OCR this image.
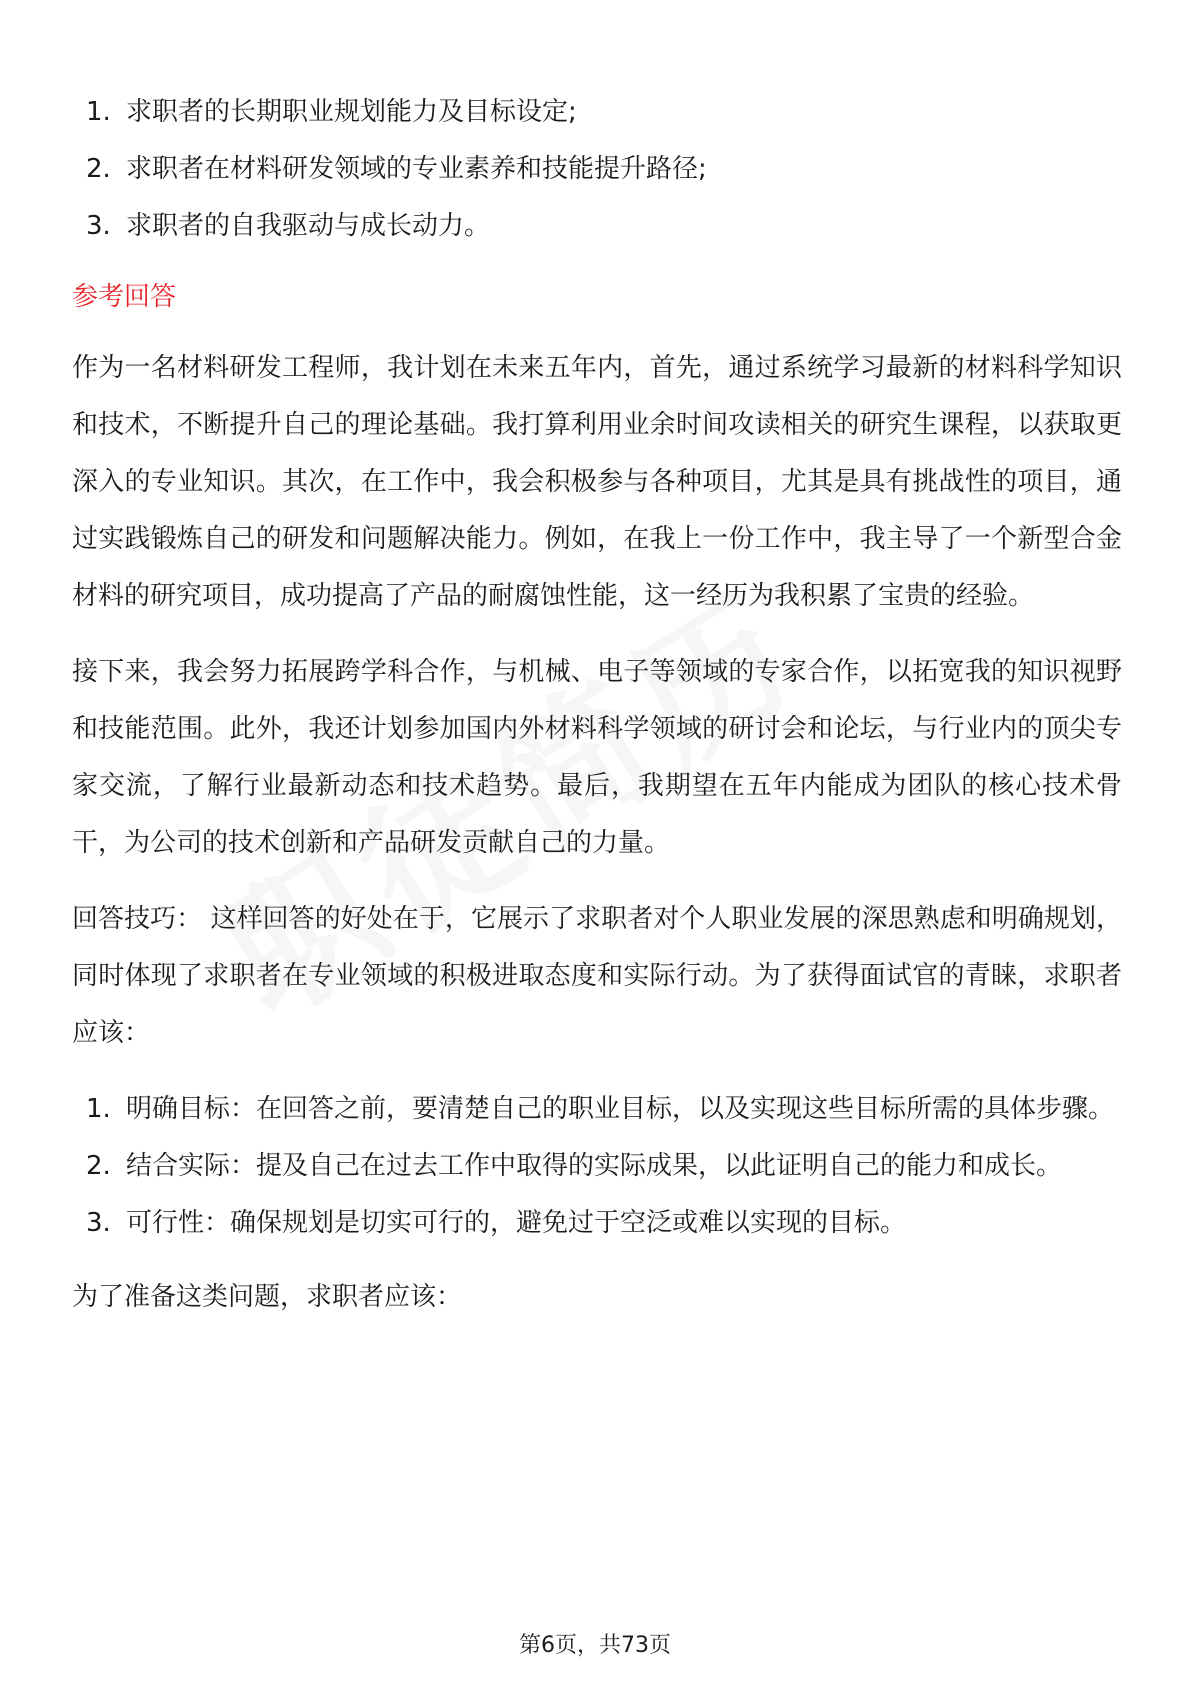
1. 求职者的长期职业规划能力及目标设定;
2. 求职者在材料研发领域的专业素养和技能提升路径;
3. 求职者的自我驱动与成长动力。
参考回答

作为一名材料研发工程师，我计划在未来五年内，首先，通过系统学习最新的材料科学知识和技术，不断提升自己的理论基础。我打算利用业余时间攻读相关的研究生课程，以获取更深入的专业知识。其次，在工作中，我会积极参与各种项目，尤其是具有挑战性的项目，通过实践锻炼自己的研发和问题解决能力。例如，在我上一份工作中，我主导了一个新型合金材料的研究项目，成功提高了产品的耐腐蚀性能，这一经历为我积累了宝贵的经验。

接下来，我会努力拓展跨学科合作，与机械、电子等领域的专家合作，以拓宽我的知识视野和技能范围。此外，我还计划参加国内外材料科学领域的研讨会和论坛，与行业内的顶尖专家交流，了解行业最新动态和技术趋势。最后，我期望在五年内能成为团队的核心技术骨干，为公司的技术创新和产品研发贡献自己的力量。

回答技巧： 这样回答的好处在于，它展示了求职者对个人职业发展的深思熟虑和明确规划，同时体现了求职者在专业领域的积极进取态度和实际行动。为了获得面试官的青睐，求职者应该：

1. 明确目标：在回答之前，要清楚自己的职业目标，以及实现这些目标所需的具体步骤。
2. 结合实际：提及自己在过去工作中取得的实际成果，以此证明自己的能力和成长。
3. 可行性：确保规划是切实可行的，避免过于空泛或难以实现的目标。

为了准备这类问题，求职者应该：

第6页，共73页
